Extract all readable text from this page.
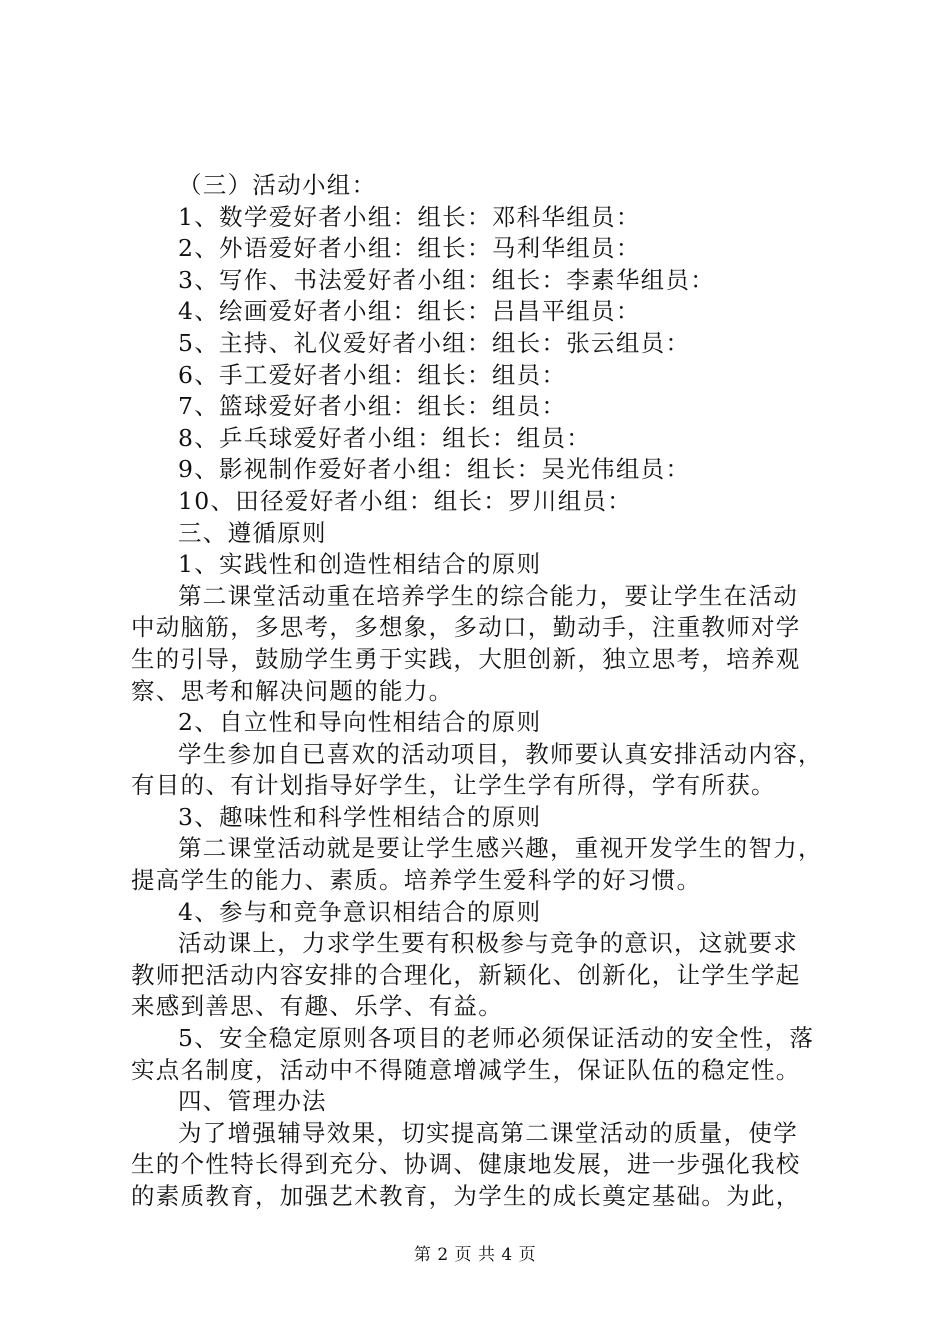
（三）活动小组：
1、数学爱好者小组：组长：邓科华组员：
2、外语爱好者小组：组长：马利华组员：
3、写作、书法爱好者小组：组长：李素华组员：
4、绘画爱好者小组：组长：吕昌平组员：
5、主持、礼仪爱好者小组：组长：张云组员：
6、手工爱好者小组：组长：组员：
7、篮球爱好者小组：组长：组员：
8、乒乓球爱好者小组：组长：组员：
9、影视制作爱好者小组：组长：吴光伟组员：
10、田径爱好者小组：组长：罗川组员：
三、遵循原则
1、实践性和创造性相结合的原则
第二课堂活动重在培养学生的综合能力，要让学生在活动
中动脑筋，多思考，多想象，多动口，勤动手，注重教师对学
生的引导，鼓励学生勇于实践，大胆创新，独立思考，培养观
察、思考和解决问题的能力。
2、自立性和导向性相结合的原则
学生参加自已喜欢的活动项目，教师要认真安排活动内容，
有目的、有计划指导好学生，让学生学有所得，学有所获。
3、趣味性和科学性相结合的原则
第二课堂活动就是要让学生感兴趣，重视开发学生的智力，
提高学生的能力、素质。培养学生爱科学的好习惯。
4、参与和竞争意识相结合的原则
活动课上，力求学生要有积极参与竞争的意识，这就要求
教师把活动内容安排的合理化，新颖化、创新化，让学生学起
来感到善思、有趣、乐学、有益。
5、安全稳定原则各项目的老师必须保证活动的安全性，落
实点名制度，活动中不得随意增减学生，保证队伍的稳定性。
四、管理办法
为了增强辅导效果，切实提高第二课堂活动的质量，使学
生的个性特长得到充分、协调、健康地发展，进一步强化我校
的素质教育，加强艺术教育，为学生的成长奠定基础。为此，
第 2 页 共 4 页
